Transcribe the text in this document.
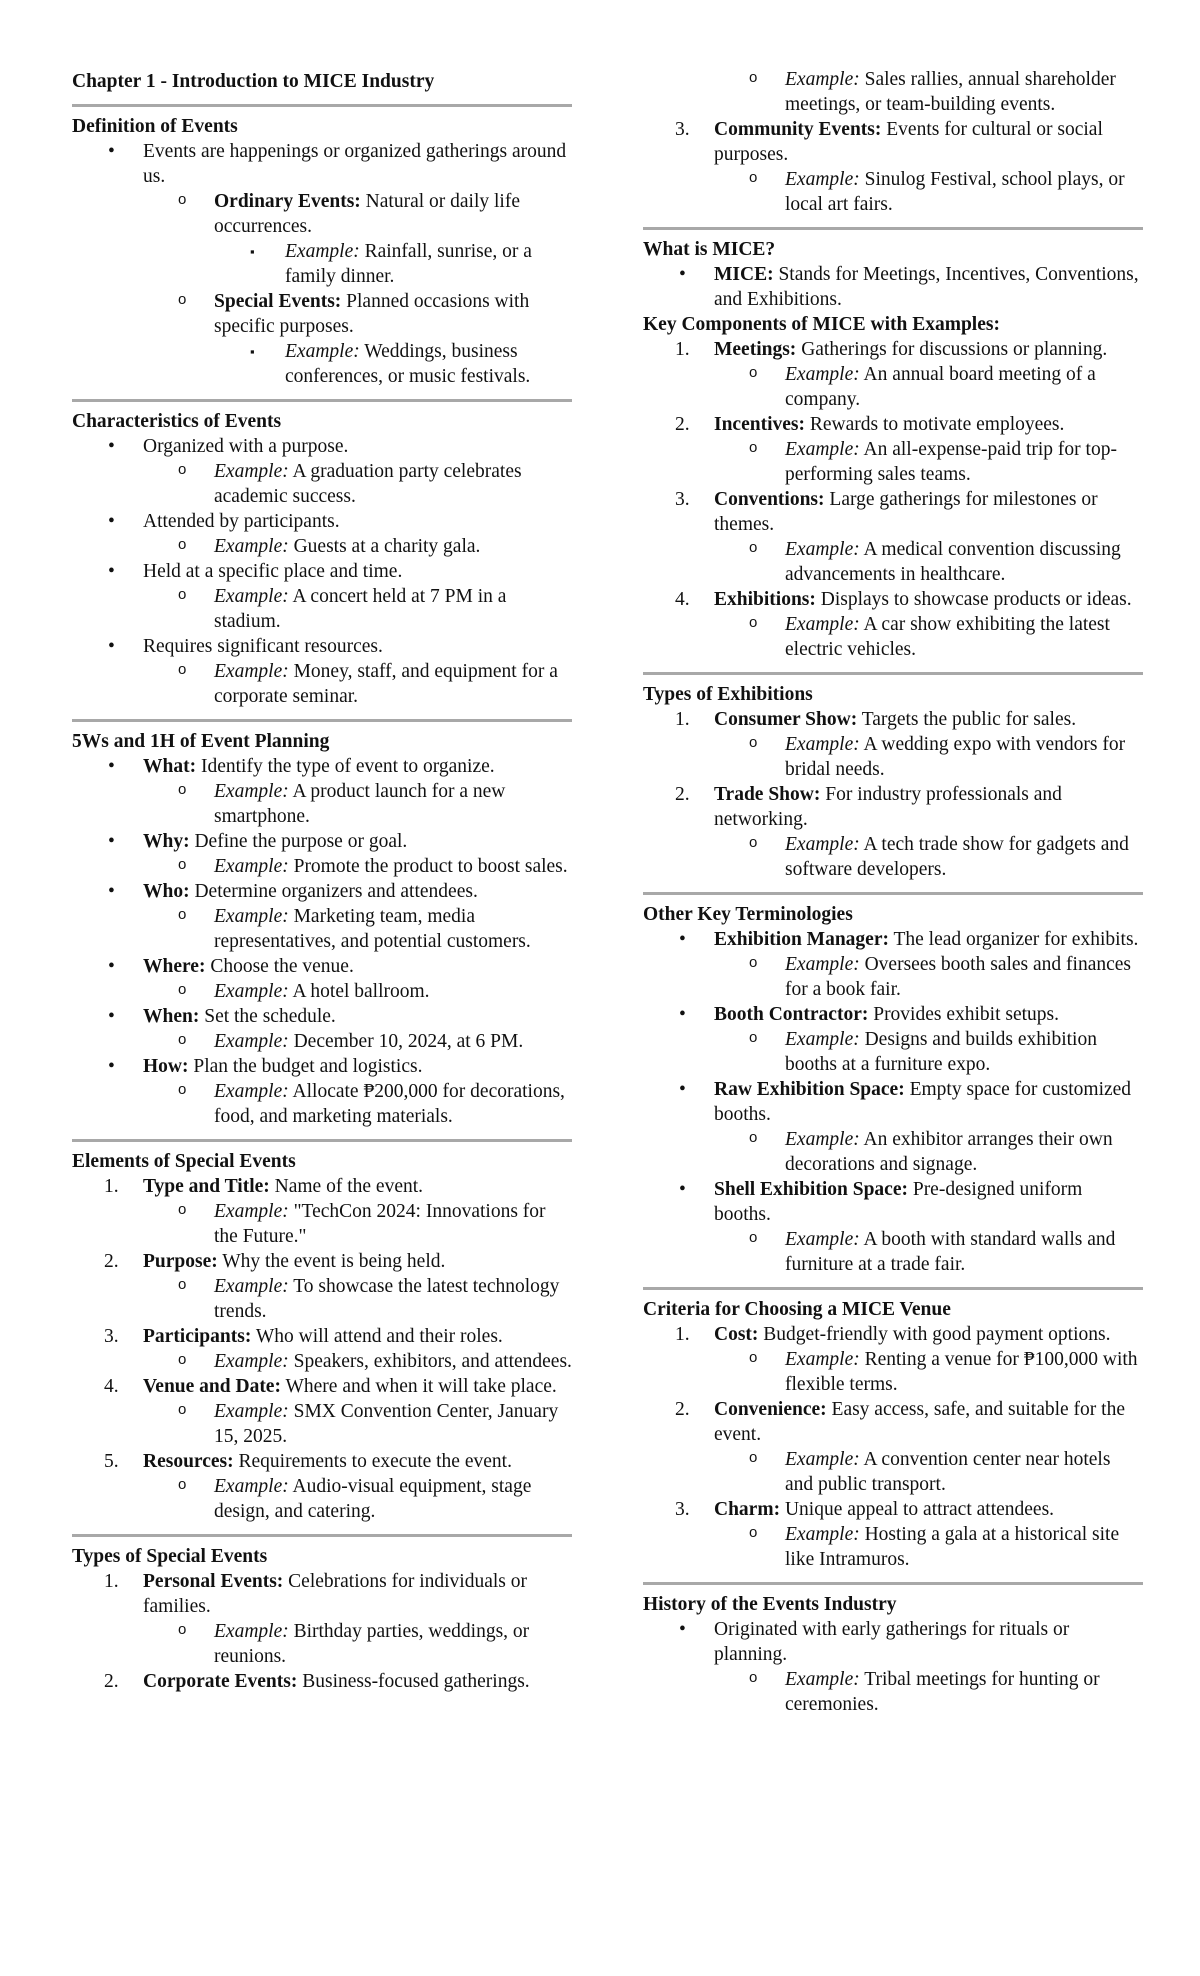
Chapter 1 - Introduction to MICE Industry

Definition of Events

• Events are happenings or organized gatherings around us.
o Ordinary Events: Natural or daily life occurrences.
▪ Example: Rainfall, sunrise, or a family dinner.
o Special Events: Planned occasions with specific purposes.
▪ Example: Weddings, business conferences, or music festivals.

Characteristics of Events

• Organized with a purpose.
o Example: A graduation party celebrates academic success.
• Attended by participants.
o Example: Guests at a charity gala.
• Held at a specific place and time.
o Example: A concert held at 7 PM in a stadium.
• Requires significant resources.
o Example: Money, staff, and equipment for a corporate seminar.

5Ws and 1H of Event Planning

• What: Identify the type of event to organize.
o Example: A product launch for a new smartphone.
• Why: Define the purpose or goal.
o Example: Promote the product to boost sales.
• Who: Determine organizers and attendees.
o Example: Marketing team, media representatives, and potential customers.
• Where: Choose the venue.
o Example: A hotel ballroom.
• When: Set the schedule.
o Example: December 10, 2024, at 6 PM.
• How: Plan the budget and logistics.
o Example: Allocate ₱200,000 for decorations, food, and marketing materials.

Elements of Special Events

1. Type and Title: Name of the event.
o Example: "TechCon 2024: Innovations for the Future."
2. Purpose: Why the event is being held.
o Example: To showcase the latest technology trends.
3. Participants: Who will attend and their roles.
o Example: Speakers, exhibitors, and attendees.
4. Venue and Date: Where and when it will take place.
o Example: SMX Convention Center, January 15, 2025.
5. Resources: Requirements to execute the event.
o Example: Audio-visual equipment, stage design, and catering.

Types of Special Events

1. Personal Events: Celebrations for individuals or families.
o Example: Birthday parties, weddings, or reunions.
2. Corporate Events: Business-focused gatherings.
o Example: Sales rallies, annual shareholder meetings, or team-building events.
3. Community Events: Events for cultural or social purposes.
o Example: Sinulog Festival, school plays, or local art fairs.

What is MICE?

• MICE: Stands for Meetings, Incentives, Conventions, and Exhibitions.

Key Components of MICE with Examples:

1. Meetings: Gatherings for discussions or planning.
o Example: An annual board meeting of a company.
2. Incentives: Rewards to motivate employees.
o Example: An all-expense-paid trip for top-performing sales teams.
3. Conventions: Large gatherings for milestones or themes.
o Example: A medical convention discussing advancements in healthcare.
4. Exhibitions: Displays to showcase products or ideas.
o Example: A car show exhibiting the latest electric vehicles.

Types of Exhibitions

1. Consumer Show: Targets the public for sales.
o Example: A wedding expo with vendors for bridal needs.
2. Trade Show: For industry professionals and networking.
o Example: A tech trade show for gadgets and software developers.

Other Key Terminologies

• Exhibition Manager: The lead organizer for exhibits.
o Example: Oversees booth sales and finances for a book fair.
• Booth Contractor: Provides exhibit setups.
o Example: Designs and builds exhibition booths at a furniture expo.
• Raw Exhibition Space: Empty space for customized booths.
o Example: An exhibitor arranges their own decorations and signage.
• Shell Exhibition Space: Pre-designed uniform booths.
o Example: A booth with standard walls and furniture at a trade fair.

Criteria for Choosing a MICE Venue

1. Cost: Budget-friendly with good payment options.
o Example: Renting a venue for ₱100,000 with flexible terms.
2. Convenience: Easy access, safe, and suitable for the event.
o Example: A convention center near hotels and public transport.
3. Charm: Unique appeal to attract attendees.
o Example: Hosting a gala at a historical site like Intramuros.

History of the Events Industry

• Originated with early gatherings for rituals or planning.
o Example: Tribal meetings for hunting or ceremonies.
